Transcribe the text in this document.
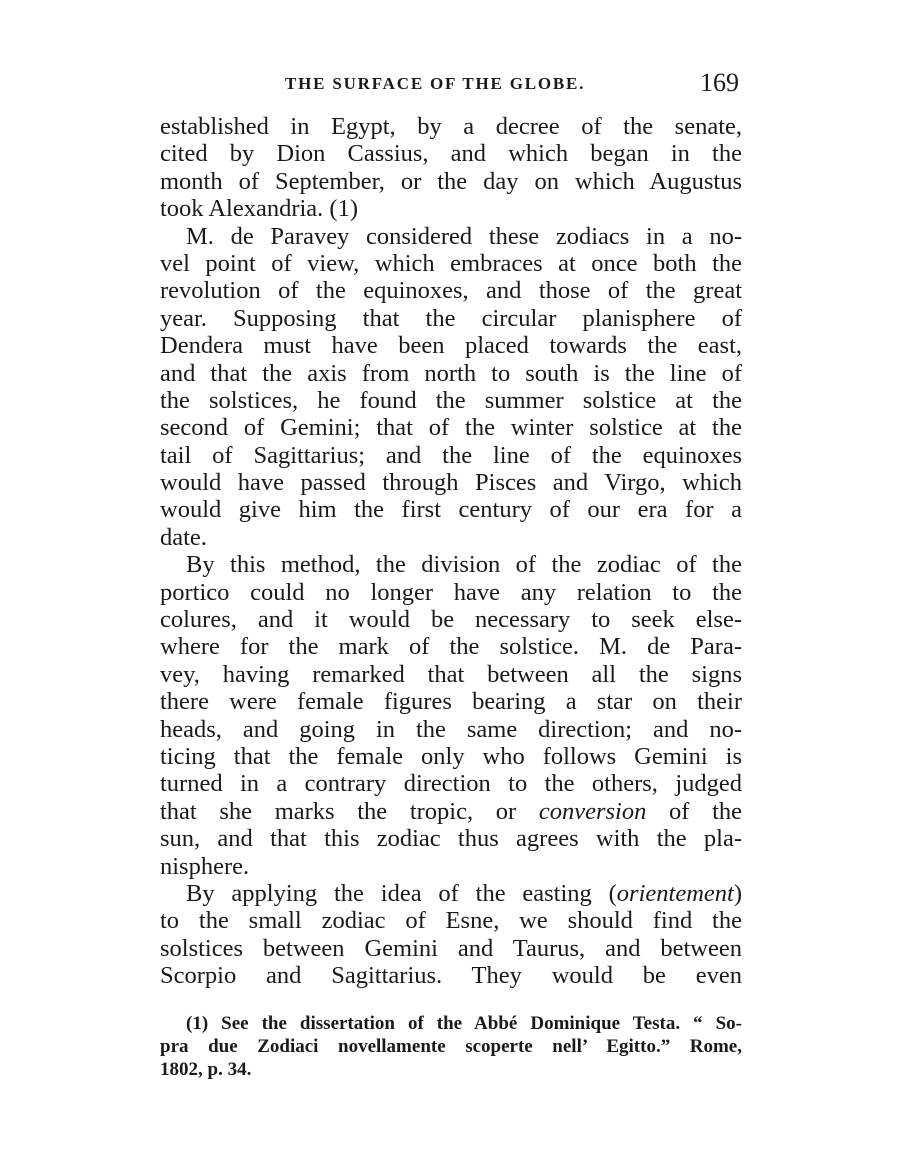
THE SURFACE OF THE GLOBE.	169
established in Egypt, by a decree of the senate,
cited by Dion Cassius, and which began in the
month of September, or the day on which Augustus
took Alexandria. (1)
M. de Paravey considered these zodiacs in a no-
vel point of view, which embraces at once both the
revolution of the equinoxes, and those of the great
year. Supposing that the circular planisphere of
Dendera must have been placed towards the east,
and that the axis from north to south is the line of
the solstices, he found the summer solstice at the
second of Gemini; that of the winter solstice at the
tail of Sagittarius; and the line of the equinoxes
would have passed through Pisces and Virgo, which
would give him the first century of our era for a
date.
By this method, the division of the zodiac of the
portico could no longer have any relation to the
colures, and it would be necessary to seek else-
where for the mark of the solstice. M. de Para-
vey, having remarked that between all the signs
there were female figures bearing a star on their
heads, and going in the same direction; and no-
ticing that the female only who follows Gemini is
turned in a contrary direction to the others, judged
that she marks the tropic, or conversion of the
sun, and that this zodiac thus agrees with the pla-
nisphere.
By applying the idea of the easting (orientement)
to the small zodiac of Esne, we should find the
solstices between Gemini and Taurus, and between
Scorpio and Sagittarius. They would be even
(1) See the dissertation of the Abbé Dominique Testa. “ So-
pra due Zodiaci novellamente scoperte nell’ Egitto.” Rome,
1802, p. 34.
